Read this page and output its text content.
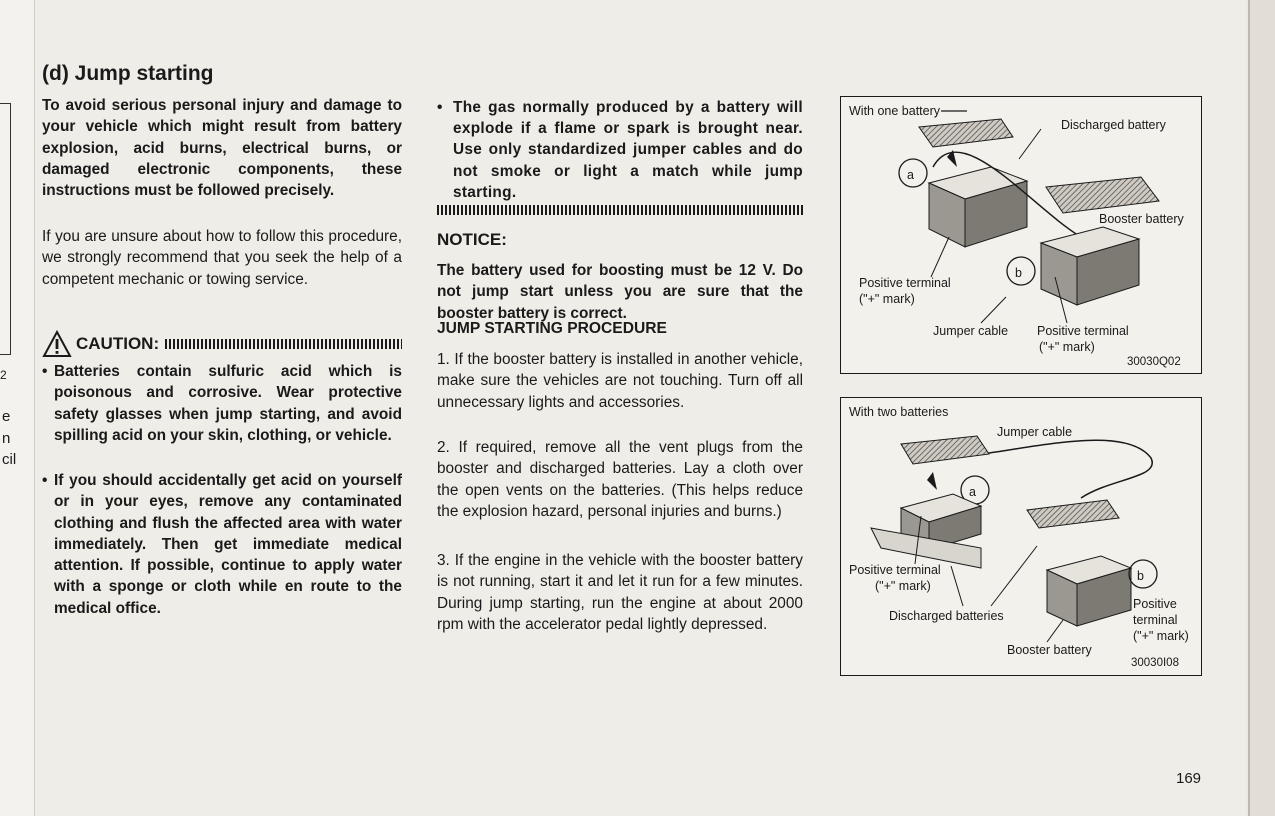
2
e
n
cil
(d) Jump starting
To avoid serious personal injury and damage to your vehicle which might result from battery explosion, acid burns, electrical burns, or damaged electronic components, these instructions must be followed precisely.
If you are unsure about how to follow this procedure, we strongly recommend that you seek the help of a competent mechanic or towing service.
CAUTION:
• Batteries contain sulfuric acid which is poisonous and corrosive. Wear protective safety glasses when jump starting, and avoid spilling acid on your skin, clothing, or vehicle.
• If you should accidentally get acid on yourself or in your eyes, remove any contaminated clothing and flush the affected area with water immediately. Then get immediate medical attention. If possible, continue to apply water with a sponge or cloth while en route to the medical office.
• The gas normally produced by a battery will explode if a flame or spark is brought near. Use only standardized jumper cables and do not smoke or light a match while jump starting.
NOTICE:
The battery used for boosting must be 12 V. Do not jump start unless you are sure that the booster battery is correct.
JUMP STARTING PROCEDURE
1. If the booster battery is installed in another vehicle, make sure the vehicles are not touching. Turn off all unnecessary lights and accessories.
2. If required, remove all the vent plugs from the booster and discharged batteries. Lay a cloth over the open vents on the batteries. (This helps reduce the explosion hazard, personal injuries and burns.)
3. If the engine in the vehicle with the booster battery is not running, start it and let it run for a few minutes. During jump starting, run the engine at about 2000 rpm with the accelerator pedal lightly depressed.
With one battery
Discharged battery
a
Booster battery
b
Positive terminal
("+" mark)
Jumper cable Positive terminal
("+" mark)
30030Q02
With two batteries
Jumper cable
a
b
Positive terminal
("+" mark)
Discharged batteries
Booster battery
Positive
terminal
("+" mark)
30030I08
169
